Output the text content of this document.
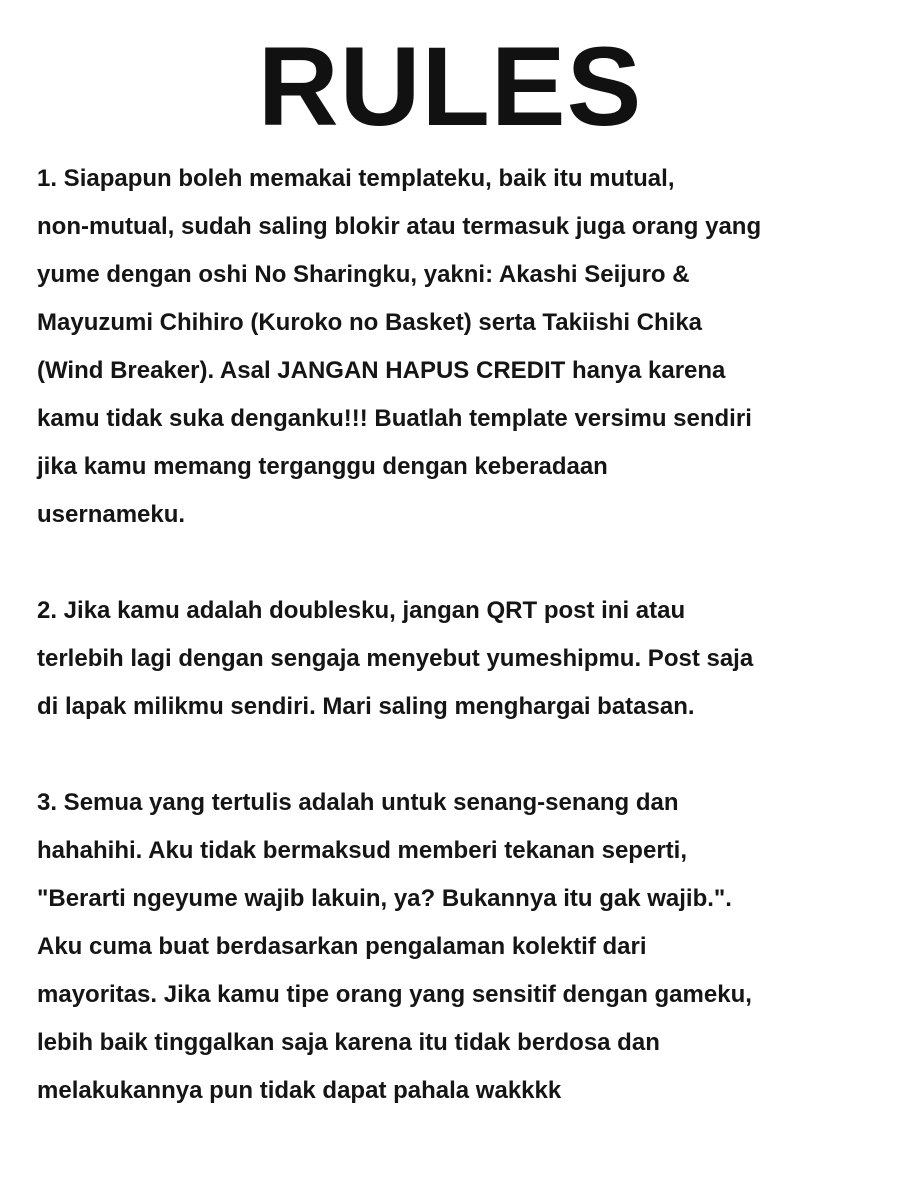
RULES
1. Siapapun boleh memakai templateku, baik itu mutual,
non-mutual, sudah saling blokir atau termasuk juga orang yang
yume dengan oshi No Sharingku, yakni: Akashi Seijuro &
Mayuzumi Chihiro (Kuroko no Basket) serta Takiishi Chika
(Wind Breaker). Asal JANGAN HAPUS CREDIT hanya karena
kamu tidak suka denganku!!! Buatlah template versimu sendiri
jika kamu memang terganggu dengan keberadaan
usernameku.
2. Jika kamu adalah doublesku, jangan QRT post ini atau
terlebih lagi dengan sengaja menyebut yumeshipmu. Post saja
di lapak milikmu sendiri. Mari saling menghargai batasan.
3. Semua yang tertulis adalah untuk senang-senang dan
hahahihi. Aku tidak bermaksud memberi tekanan seperti,
"Berarti ngeyume wajib lakuin, ya? Bukannya itu gak wajib.".
Aku cuma buat berdasarkan pengalaman kolektif dari
mayoritas. Jika kamu tipe orang yang sensitif dengan gameku,
lebih baik tinggalkan saja karena itu tidak berdosa dan
melakukannya pun tidak dapat pahala wakkkk
